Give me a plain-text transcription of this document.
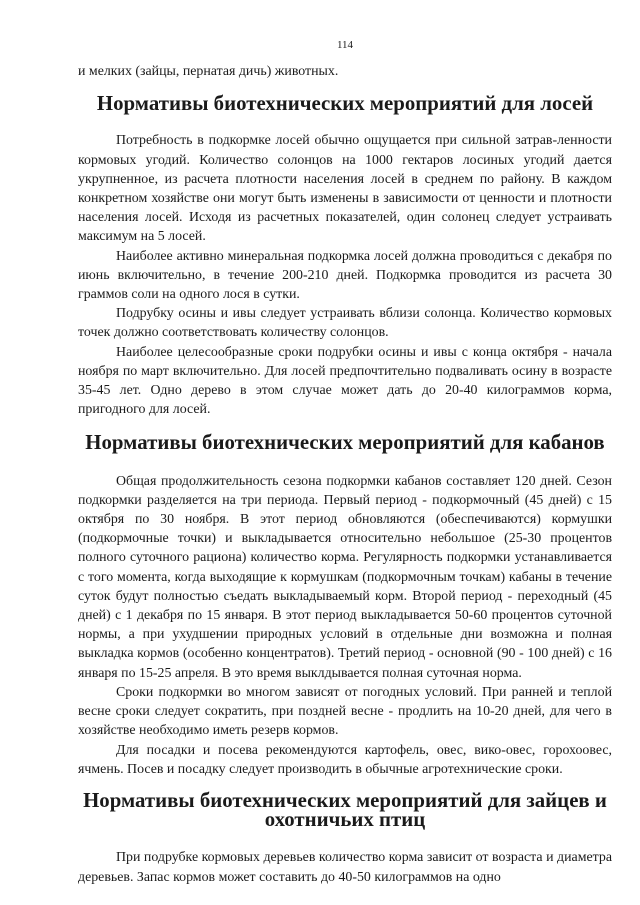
114

и мелких (зайцы, пернатая дичь) животных.

Нормативы биотехнических мероприятий для лосей

Потребность в подкормке лосей обычно ощущается при сильной затрав-ленности кормовых угодий. Количество солонцов на 1000 гектаров лосиных угодий дается укрупненное, из расчета плотности населения лосей в среднем по району. В каждом конкретном хозяйстве они могут быть изменены в зависимости от ценности и плотности населения лосей. Исходя из расчетных показателей, один солонец следует устраивать максимум на 5 лосей.

Наиболее активно минеральная подкормка лосей должна проводиться с декабря по июнь включительно, в течение 200-210 дней. Подкормка проводится из расчета 30 граммов соли на одного лося в сутки.

Подрубку осины и ивы следует устраивать вблизи солонца. Количество кормовых точек должно соответствовать количеству солонцов.

Наиболее целесообразные сроки подрубки осины и ивы с конца октября - начала ноября по март включительно. Для лосей предпочтительно подваливать осину в возрасте 35-45 лет. Одно дерево в этом случае может дать до 20-40 килограммов корма, пригодного для лосей.

Нормативы биотехнических мероприятий для кабанов

Общая продолжительность сезона подкормки кабанов составляет 120 дней. Сезон подкормки разделяется на три периода. Первый период - подкормочный (45 дней) с 15 октября по 30 ноября. В этот период обновляются (обеспечиваются) кормушки (подкормочные точки) и выкладывается относительно небольшое (25-30 процентов полного суточного рациона) количество корма. Регулярность подкормки устанавливается с того момента, когда выходящие к кормушкам (подкормочным точкам) кабаны в течение суток будут полностью съедать выкладываемый корм. Второй период - переходный (45 дней) с 1 декабря по 15 января. В этот период выкладывается 50-60 процентов суточной нормы, а при ухудшении природных условий в отдельные дни возможна и полная выкладка кормов (особенно концентратов). Третий период - основной (90 - 100 дней) с 16 января по 15-25 апреля. В это время выклдывается полная суточная норма.

Сроки подкормки во многом зависят от погодных условий. При ранней и теплой весне сроки следует сократить, при поздней весне - продлить на 10-20 дней, для чего в хозяйстве необходимо иметь резерв кормов.

Для посадки и посева рекомендуются картофель, овес, вико-овес, горохоовес, ячмень. Посев и посадку следует производить в обычные агротехнические сроки.

Нормативы биотехнических мероприятий для зайцев и охотничьих птиц

При подрубке кормовых деревьев количество корма зависит от возраста и диаметра деревьев. Запас кормов может составить до 40-50 килограммов на одно
